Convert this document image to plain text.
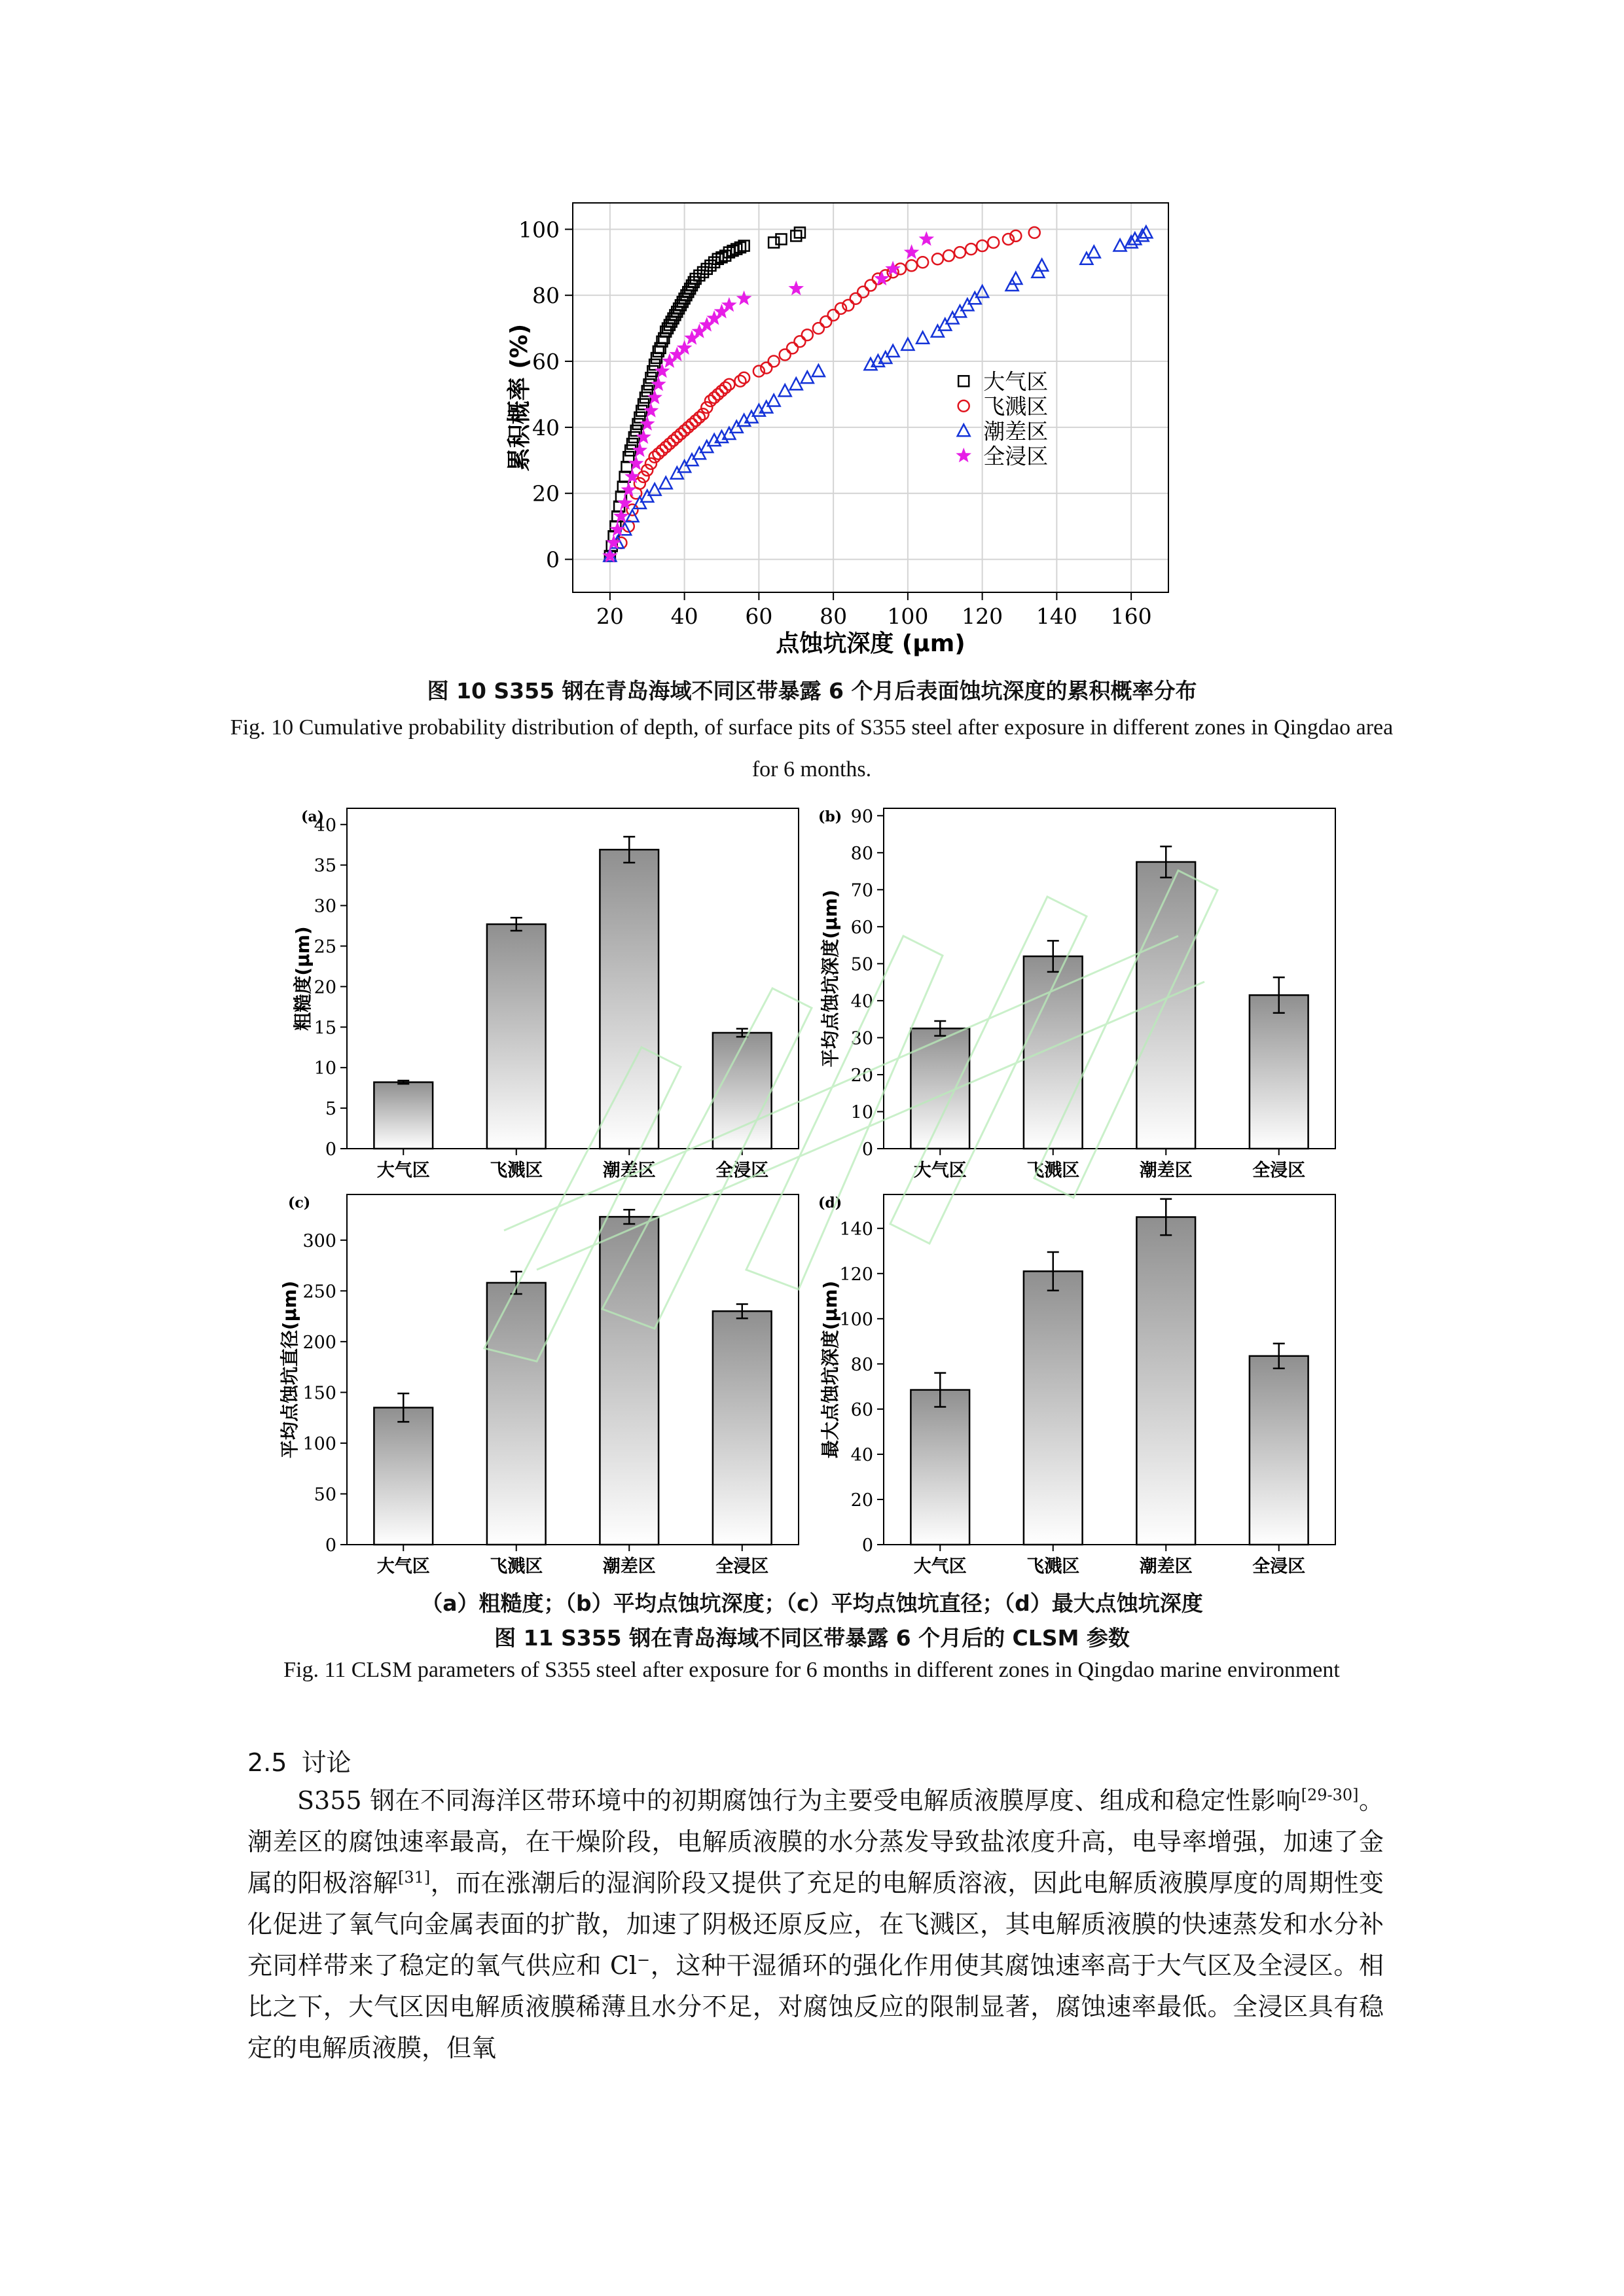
0
20
40
60
80
100
20 40 60 80 100 120 140 160
点蚀坑深度 (μm)
累积概率 (%)	大气区
飞溅区
潮差区
全浸区
图 10 S355 钢在青岛海域不同区带暴露 6 个月后表面蚀坑深度的累积概率分布
Fig. 10 Cumulative probability distribution of depth, of surface pits of S355 steel after exposure in different zones in Qingdao area for 6 months.
(a)
0
5
10
15
20
25
30
35
40
粗糙度(μm)
大气区	飞溅区	潮差区	全浸区
(b)
0
10
20
30
40
50
60
70
80
90
平均点蚀坑深度(μm)
大气区	飞溅区	潮差区	全浸区
(c)
0
50
100
150
200
250
300
平均点蚀坑直径(μm)
大气区	飞溅区	潮差区	全浸区
(d)
0
20
40
60
80
100
120
140
最大点蚀坑深度(μm)
大气区	飞溅区	潮差区	全浸区
（a）粗糙度；（b）平均点蚀坑深度；（c）平均点蚀坑直径；（d）最大点蚀坑深度
图 11 S355 钢在青岛海域不同区带暴露 6 个月后的 CLSM 参数
Fig. 11 CLSM parameters of S355 steel after exposure for 6 months in different zones in Qingdao marine environment
2.5 讨论
S355 钢在不同海洋区带环境中的初期腐蚀行为主要受电解质液膜厚度、组成和稳定性影响[29-30]。潮差区的腐蚀速率最高，在干燥阶段，电解质液膜的水分蒸发导致盐浓度升高，电导率增强，加速了金属的阳极溶解[31]，而在涨潮后的湿润阶段又提供了充足的电解质溶液，因此电解质液膜厚度的周期性变化促进了氧气向金属表面的扩散，加速了阴极还原反应，在飞溅区，其电解质液膜的快速蒸发和水分补充同样带来了稳定的氧气供应和 Cl−，这种干湿循环的强化作用使其腐蚀速率高于大气区及全浸区。相比之下，大气区因电解质液膜稀薄且水分不足，对腐蚀反应的限制显著，腐蚀速率最低。全浸区具有稳定的电解质液膜，但氧
